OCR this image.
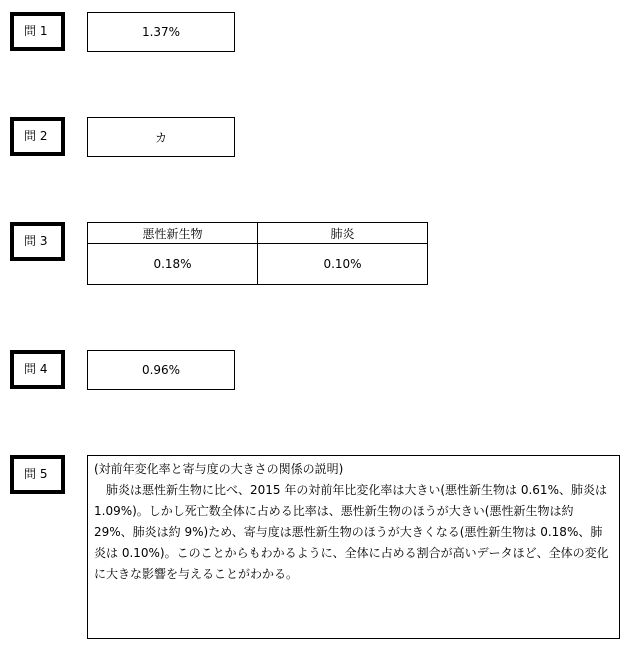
問 1	1.37%
問 2	カ
問 3
悪性新生物	肺炎
0.18%	0.10%
問 4	0.96%
問 5	(対前年変化率と寄与度の大きさの関係の説明)
肺炎は悪性新生物に比べ、2015 年の対前年比変化率は大きい(悪性新生物は 0.61%、肺炎は 1.09%)。しかし死亡数全体に占める比率は、悪性新生物のほうが大きい(悪性新生物は約 29%、肺炎は約 9%)ため、寄与度は悪性新生物のほうが大きくなる(悪性新生物は 0.18%、肺炎は 0.10%)。このことからもわかるように、全体に占める割合が高いデータほど、全体の変化に大きな影響を与えることがわかる。
